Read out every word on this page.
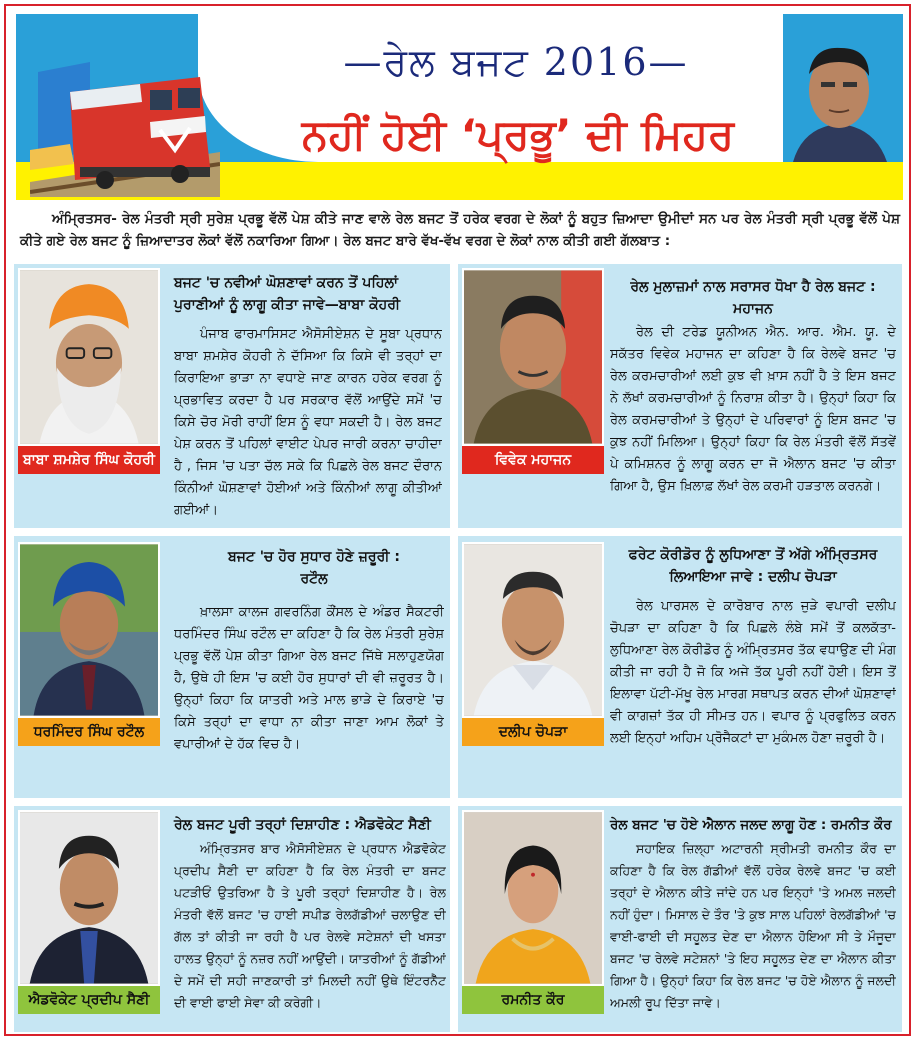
—ਰੇਲ ਬਜਟ 2016—
ਨਹੀਂ ਹੋਈ ‘ਪ੍ਰਭੂ’ ਦੀ ਮਿਹਰ

ਅੰਮ੍ਰਿਤਸਰ- ਰੇਲ ਮੰਤਰੀ ਸ੍ਰੀ ਸੁਰੇਸ਼ ਪ੍ਰਭੂ ਵੱਲੋਂ ਪੇਸ਼ ਕੀਤੇ ਜਾਣ ਵਾਲੇ ਰੇਲ ਬਜਟ ਤੋਂ ਹਰੇਕ ਵਰਗ ਦੇ ਲੋਕਾਂ ਨੂੰ ਬਹੁਤ ਜ਼ਿਆਦਾ ਉਮੀਦਾਂ ਸਨ ਪਰ ਰੇਲ ਮੰਤਰੀ ਸ੍ਰੀ ਪ੍ਰਭੂ ਵੱਲੋਂ ਪੇਸ਼ ਕੀਤੇ ਗਏ ਰੇਲ ਬਜਟ ਨੂੰ ਜ਼ਿਆਦਾਤਰ ਲੋਕਾਂ ਵੱਲੋਂ ਨਕਾਰਿਆ ਗਿਆ। ਰੇਲ ਬਜਟ ਬਾਰੇ ਵੱਖ-ਵੱਖ ਵਰਗ ਦੇ ਲੋਕਾਂ ਨਾਲ ਕੀਤੀ ਗਈ ਗੱਲਬਾਤ :

ਬਾਬਾ ਸ਼ਮਸ਼ੇਰ ਸਿੰਘ ਕੋਹਰੀ
ਬਜਟ 'ਚ ਨਵੀਆਂ ਘੋਸ਼ਣਾਵਾਂ ਕਰਨ ਤੋਂ ਪਹਿਲਾਂ ਪੁਰਾਣੀਆਂ ਨੂੰ ਲਾਗੂ ਕੀਤਾ ਜਾਵੇ—ਬਾਬਾ ਕੋਹਰੀ
ਪੰਜਾਬ ਫਾਰਮਾਸਿਸਟ ਐਸੋਸੀਏਸ਼ਨ ਦੇ ਸੂਬਾ ਪ੍ਰਧਾਨ ਬਾਬਾ ਸ਼ਮਸ਼ੇਰ ਕੋਹਰੀ ਨੇ ਦੱਸਿਆ ਕਿ ਕਿਸੇ ਵੀ ਤਰ੍ਹਾਂ ਦਾ ਕਿਰਾਇਆ ਭਾੜਾ ਨਾ ਵਧਾਏ ਜਾਣ ਕਾਰਨ ਹਰੇਕ ਵਰਗ ਨੂੰ ਪ੍ਰਭਾਵਿਤ ਕਰਦਾ ਹੈ ਪਰ ਸਰਕਾਰ ਵੱਲੋਂ ਆਉਂਦੇ ਸਮੇਂ 'ਚ ਕਿਸੇ ਚੋਰ ਮੋਰੀ ਰਾਹੀਂ ਇਸ ਨੂੰ ਵਧਾ ਸਕਦੀ ਹੈ। ਰੇਲ ਬਜਟ ਪੇਸ਼ ਕਰਨ ਤੋਂ ਪਹਿਲਾਂ ਵਾਈਟ ਪੇਪਰ ਜਾਰੀ ਕਰਨਾ ਚਾਹੀਦਾ ਹੈ , ਜਿਸ 'ਚ ਪਤਾ ਚੱਲ ਸਕੇ ਕਿ ਪਿਛਲੇ ਰੇਲ ਬਜਟ ਦੌਰਾਨ ਕਿੰਨੀਆਂ ਘੋਸ਼ਣਾਵਾਂ ਹੋਈਆਂ ਅਤੇ ਕਿੰਨੀਆਂ ਲਾਗੂ ਕੀਤੀਆਂ ਗਈਆਂ।
ਵਿਵੇਕ ਮਹਾਜਨ
ਰੇਲ ਮੁਲਾਜ਼ਮਾਂ ਨਾਲ ਸਰਾਸਰ ਧੋਖਾ ਹੈ ਰੇਲ ਬਜਟ : ਮਹਾਜਨ
ਰੇਲ ਦੀ ਟਰੇਡ ਯੂਨੀਅਨ ਐਨ. ਆਰ. ਐਮ. ਯੂ. ਦੇ ਸਕੱਤਰ ਵਿਵੇਕ ਮਹਾਜਨ ਦਾ ਕਹਿਣਾ ਹੈ ਕਿ ਰੇਲਵੇ ਬਜਟ 'ਚ ਰੇਲ ਕਰਮਚਾਰੀਆਂ ਲਈ ਕੁਝ ਵੀ ਖ਼ਾਸ ਨਹੀਂ ਹੈ ਤੇ ਇਸ ਬਜਟ ਨੇ ਲੱਖਾਂ ਕਰਮਚਾਰੀਆਂ ਨੂੰ ਨਿਰਾਸ਼ ਕੀਤਾ ਹੈ। ਉਨ੍ਹਾਂ ਕਿਹਾ ਕਿ ਰੇਲ ਕਰਮਚਾਰੀਆਂ ਤੇ ਉਨ੍ਹਾਂ ਦੇ ਪਰਿਵਾਰਾਂ ਨੂੰ ਇਸ ਬਜਟ 'ਚ ਕੁਝ ਨਹੀਂ ਮਿਲਿਆ। ਉਨ੍ਹਾਂ ਕਿਹਾ ਕਿ ਰੇਲ ਮੰਤਰੀ ਵੱਲੋਂ ਸੱਤਵੇਂ ਪੇ ਕਮਿਸ਼ਨਰ ਨੂੰ ਲਾਗੂ ਕਰਨ ਦਾ ਜੋ ਐਲਾਨ ਬਜਟ 'ਚ ਕੀਤਾ ਗਿਆ ਹੈ, ਉਸ ਖ਼ਿਲਾਫ਼ ਲੱਖਾਂ ਰੇਲ ਕਰਮੀ ਹੜਤਾਲ ਕਰਨਗੇ।
ਧਰਮਿੰਦਰ ਸਿੰਘ ਰਟੌਲ
ਬਜਟ 'ਚ ਹੋਰ ਸੁਧਾਰ ਹੋਣੇ ਜ਼ਰੂਰੀ : ਰਟੌਲ
ਖ਼ਾਲਸਾ ਕਾਲਜ ਗਵਰਨਿੰਗ ਕੌਂਸਲ ਦੇ ਅੰਡਰ ਸੈਕਟਰੀ ਧਰਮਿੰਦਰ ਸਿੰਘ ਰਟੌਲ ਦਾ ਕਹਿਣਾ ਹੈ ਕਿ ਰੇਲ ਮੰਤਰੀ ਸੁਰੇਸ਼ ਪ੍ਰਭੂ ਵੱਲੋਂ ਪੇਸ਼ ਕੀਤਾ ਗਿਆ ਰੇਲ ਬਜਟ ਜਿੱਥੇ ਸਲਾਹੁਣਯੋਗ ਹੈ, ਉਥੇ ਹੀ ਇਸ 'ਚ ਕਈ ਹੋਰ ਸੁਧਾਰਾਂ ਦੀ ਵੀ ਜ਼ਰੂਰਤ ਹੈ। ਉਨ੍ਹਾਂ ਕਿਹਾ ਕਿ ਯਾਤਰੀ ਅਤੇ ਮਾਲ ਭਾੜੇ ਦੇ ਕਿਰਾਏ 'ਚ ਕਿਸੇ ਤਰ੍ਹਾਂ ਦਾ ਵਾਧਾ ਨਾ ਕੀਤਾ ਜਾਣਾ ਆਮ ਲੋਕਾਂ ਤੇ ਵਪਾਰੀਆਂ ਦੇ ਹੱਕ ਵਿਚ ਹੈ।
ਦਲੀਪ ਚੋਪੜਾ
ਫਰੇਟ ਕੋਰੀਡੋਰ ਨੂੰ ਲੁਧਿਆਣਾ ਤੋਂ ਅੱਗੇ ਅੰਮ੍ਰਿਤਸਰ ਲਿਆਇਆ ਜਾਵੇ : ਦਲੀਪ ਚੋਪੜਾ
ਰੇਲ ਪਾਰਸਲ ਦੇ ਕਾਰੋਬਾਰ ਨਾਲ ਜੁੜੇ ਵਪਾਰੀ ਦਲੀਪ ਚੋਪੜਾ ਦਾ ਕਹਿਣਾ ਹੈ ਕਿ ਪਿਛਲੇ ਲੰਬੇ ਸਮੇਂ ਤੋਂ ਕਲਕੱਤਾ-ਲੁਧਿਆਣਾ ਰੇਲ ਕੋਰੀਡੋਰ ਨੂੰ ਅੰਮ੍ਰਿਤਸਰ ਤੱਕ ਵਧਾਉਣ ਦੀ ਮੰਗ ਕੀਤੀ ਜਾ ਰਹੀ ਹੈ ਜੋ ਕਿ ਅਜੇ ਤੱਕ ਪੂਰੀ ਨਹੀਂ ਹੋਈ। ਇਸ ਤੋਂ ਇਲਾਵਾ ਪੱਟੀ-ਮੱਖੂ ਰੇਲ ਮਾਰਗ ਸਥਾਪਤ ਕਰਨ ਦੀਆਂ ਘੋਸ਼ਣਾਵਾਂ ਵੀ ਕਾਗਜ਼ਾਂ ਤੱਕ ਹੀ ਸੀਮਤ ਹਨ। ਵਪਾਰ ਨੂੰ ਪ੍ਰਫੁਲਿਤ ਕਰਨ ਲਈ ਇਨ੍ਹਾਂ ਅਹਿਮ ਪ੍ਰੋਜੈਕਟਾਂ ਦਾ ਮੁਕੰਮਲ ਹੋਣਾ ਜ਼ਰੂਰੀ ਹੈ।
ਐਡਵੋਕੇਟ ਪ੍ਰਦੀਪ ਸੈਣੀ
ਰੇਲ ਬਜਟ ਪੂਰੀ ਤਰ੍ਹਾਂ ਦਿਸ਼ਾਹੀਣ : ਐਡਵੋਕੇਟ ਸੈਣੀ
ਅੰਮ੍ਰਿਤਸਰ ਬਾਰ ਐਸੋਸੀਏਸ਼ਨ ਦੇ ਪ੍ਰਧਾਨ ਐਡਵੋਕੇਟ ਪ੍ਰਦੀਪ ਸੈਣੀ ਦਾ ਕਹਿਣਾ ਹੈ ਕਿ ਰੇਲ ਮੰਤਰੀ ਦਾ ਬਜਟ ਪਟੜੀਓਂ ਉਤਰਿਆ ਹੈ ਤੇ ਪੂਰੀ ਤਰ੍ਹਾਂ ਦਿਸ਼ਾਹੀਣ ਹੈ। ਰੇਲ ਮੰਤਰੀ ਵੱਲੋਂ ਬਜਟ 'ਚ ਹਾਈ ਸਪੀਡ ਰੇਲਗੱਡੀਆਂ ਚਲਾਉਣ ਦੀ ਗੱਲ ਤਾਂ ਕੀਤੀ ਜਾ ਰਹੀ ਹੈ ਪਰ ਰੇਲਵੇ ਸਟੇਸ਼ਨਾਂ ਦੀ ਖਸਤਾ ਹਾਲਤ ਉਨ੍ਹਾਂ ਨੂੰ ਨਜ਼ਰ ਨਹੀਂ ਆਉਂਦੀ। ਯਾਤਰੀਆਂ ਨੂੰ ਗੱਡੀਆਂ ਦੇ ਸਮੇਂ ਦੀ ਸਹੀ ਜਾਣਕਾਰੀ ਤਾਂ ਮਿਲਦੀ ਨਹੀਂ ਉਥੇ ਇੰਟਰਨੈੱਟ ਦੀ ਵਾਈ ਫਾਈ ਸੇਵਾ ਕੀ ਕਰੇਗੀ।	ਰਮਨੀਤ ਕੌਰ
ਰੇਲ ਬਜਟ 'ਚ ਹੋਏ ਐਲਾਨ ਜਲਦ ਲਾਗੂ ਹੋਣ : ਰਮਨੀਤ ਕੌਰ
ਸਹਾਇਕ ਜ਼ਿਲ੍ਹਾ ਅਟਾਰਨੀ ਸ੍ਰੀਮਤੀ ਰਮਨੀਤ ਕੌਰ ਦਾ ਕਹਿਣਾ ਹੈ ਕਿ ਰੇਲ ਗੱਡੀਆਂ ਵੱਲੋਂ ਹਰੇਕ ਰੇਲਵੇ ਬਜਟ 'ਚ ਕਈ ਤਰ੍ਹਾਂ ਦੇ ਐਲਾਨ ਕੀਤੇ ਜਾਂਦੇ ਹਨ ਪਰ ਇਨ੍ਹਾਂ 'ਤੇ ਅਮਲ ਜਲਦੀ ਨਹੀਂ ਹੁੰਦਾ। ਮਿਸਾਲ ਦੇ ਤੌਰ 'ਤੇ ਕੁਝ ਸਾਲ ਪਹਿਲਾਂ ਰੇਲਗੱਡੀਆਂ 'ਚ ਵਾਈ-ਫਾਈ ਦੀ ਸਹੂਲਤ ਦੇਣ ਦਾ ਐਲਾਨ ਹੋਇਆ ਸੀ ਤੇ ਮੌਜੂਦਾ ਬਜਟ 'ਚ ਰੇਲਵੇ ਸਟੇਸ਼ਨਾਂ 'ਤੇ ਇਹ ਸਹੂਲਤ ਦੇਣ ਦਾ ਐਲਾਨ ਕੀਤਾ ਗਿਆ ਹੈ। ਉਨ੍ਹਾਂ ਕਿਹਾ ਕਿ ਰੇਲ ਬਜਟ 'ਚ ਹੋਏ ਐਲਾਨ ਨੂੰ ਜਲਦੀ ਅਮਲੀ ਰੂਪ ਦਿੱਤਾ ਜਾਵੇ।
